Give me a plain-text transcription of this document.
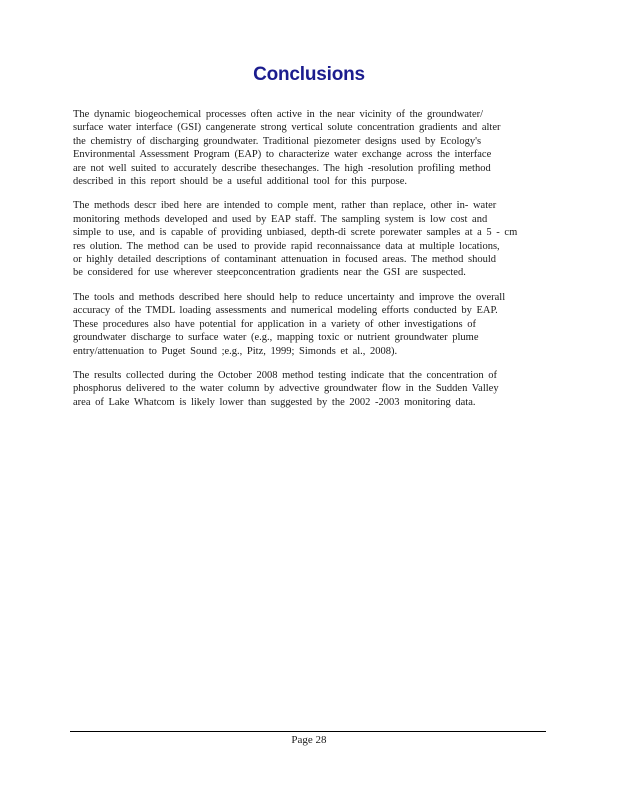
Conclusions

The dynamic biogeochemical processes often active in the near vicinity of the groundwater/
surface water interface (GSI) cangenerate strong vertical solute concentration gradients and alter
the chemistry of discharging groundwater. Traditional piezometer designs used by Ecology's
Environmental Assessment Program (EAP) to characterize water exchange across the interface
are not well suited to accurately describe thesechanges. The high -resolution profiling method
described in this report should be a useful additional tool for this purpose.

The methods descr ibed here are intended to comple ment, rather than replace, other in- water
monitoring methods developed and used by EAP staff. The sampling system is low cost and
simple to use, and is capable of providing unbiased, depth-di screte porewater samples at a 5 - cm
res olution. The method can be used to provide rapid reconnaissance data at multiple locations,
or highly detailed descriptions of contaminant attenuation in focused areas. The method should
be considered for use wherever steepconcentration gradients near the GSI are suspected.

The tools and methods described here should help to reduce uncertainty and improve the overall
accuracy of the TMDL loading assessments and numerical modeling efforts conducted by EAP.
These procedures also have potential for application in a variety of other investigations of
groundwater discharge to surface water (e.g., mapping toxic or nutrient groundwater plume
entry/attenuation to Puget Sound ;e.g., Pitz, 1999; Simonds et al., 2008).

The results collected during the October 2008 method testing indicate that the concentration of
phosphorus delivered to the water column by advective groundwater flow in the Sudden Valley
area of Lake Whatcom is likely lower than suggested by the 2002 -2003 monitoring data.

Page 28
